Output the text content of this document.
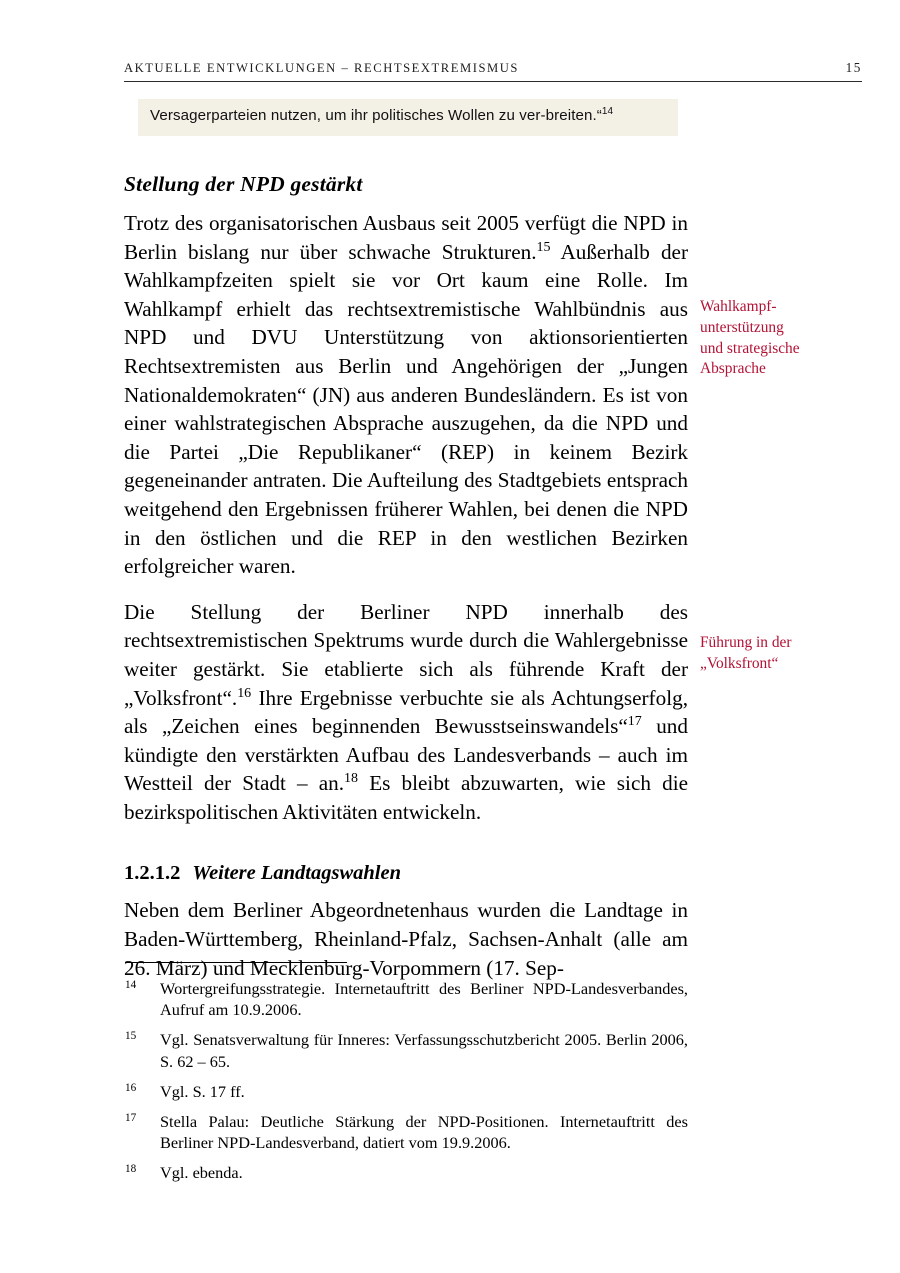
AKTUELLE ENTWICKLUNGEN – RECHTSEXTREMISMUS	15

Versagerparteien nutzen, um ihr politisches Wollen zu ver-breiten.“$^{14}$

Stellung der NPD gestärkt

Trotz des organisatorischen Ausbaus seit 2005 verfügt die NPD in Berlin bislang nur über schwache Strukturen.$^{15}$ Außerhalb der Wahlkampfzeiten spielt sie vor Ort kaum eine Rolle. Im Wahlkampf erhielt das rechtsextremistische Wahlbündnis aus NPD und DVU Unterstützung von aktionsorientierten Rechtsextremisten aus Berlin und Angehörigen der „Jungen Nationaldemokraten“ (JN) aus anderen Bundesländern. Es ist von einer wahlstrategischen Absprache auszugehen, da die NPD und die Partei „Die Republikaner“ (REP) in keinem Bezirk gegeneinander antraten. Die Aufteilung des Stadtgebiets entsprach weitgehend den Ergebnissen früherer Wahlen, bei denen die NPD in den östlichen und die REP in den westlichen Bezirken erfolgreicher waren.

Die Stellung der Berliner NPD innerhalb des rechtsextremistischen Spektrums wurde durch die Wahlergebnisse weiter gestärkt. Sie etablierte sich als führende Kraft der „Volksfront“.$^{16}$ Ihre Ergebnisse verbuchte sie als Achtungserfolg, als „Zeichen eines beginnenden Bewusstseinswandels“$^{17}$ und kündigte den verstärkten Aufbau des Landesverbands – auch im Westteil der Stadt – an.$^{18}$ Es bleibt abzuwarten, wie sich die bezirkspolitischen Aktivitäten entwickeln.

1.2.1.2 Weitere Landtagswahlen

Neben dem Berliner Abgeordnetenhaus wurden die Landtage in Baden-Württemberg, Rheinland-Pfalz, Sachsen-Anhalt (alle am 26. März) und Mecklenburg-Vorpommern (17. Sep-

Wahlkampf-
unterstützung
und strategische
Absprache
Führung in der
„Volksfront“
14	Wortergreifungsstrategie. Internetauftritt des Berliner NPD-Landesverbandes, Aufruf am 10.9.2006.
15	Vgl. Senatsverwaltung für Inneres: Verfassungsschutzbericht 2005. Berlin 2006, S. 62 – 65.
16	Vgl. S. 17 ff.
17	Stella Palau: Deutliche Stärkung der NPD-Positionen. Internetauftritt des Berliner NPD-Landesverband, datiert vom 19.9.2006.
18	Vgl. ebenda.
